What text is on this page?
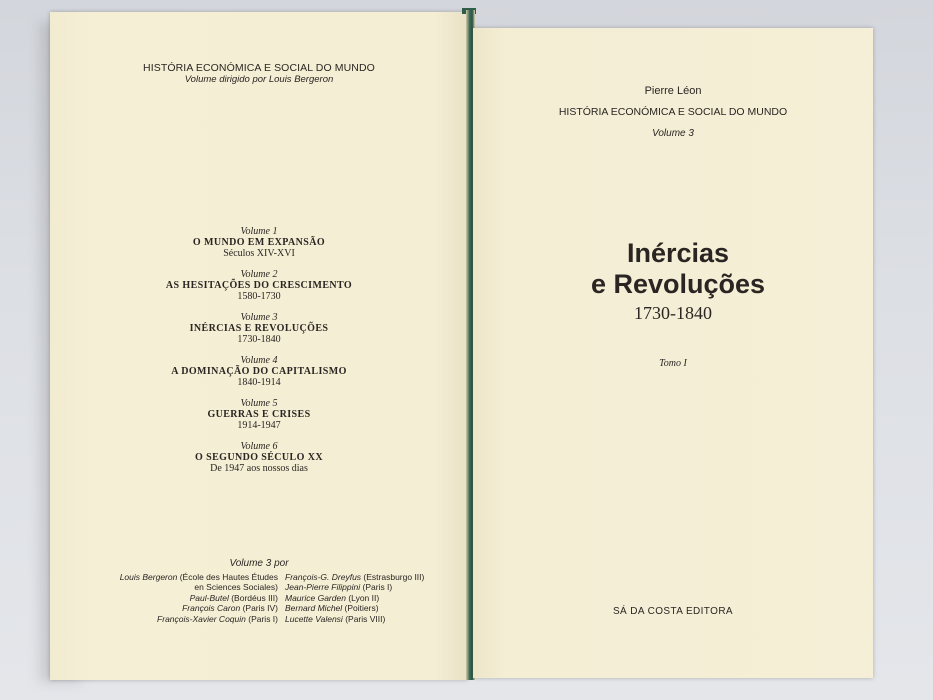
HISTÓRIA ECONÓMICA E SOCIAL DO MUNDO
Volume dirigido por Louis Bergeron
Volume 1
O MUNDO EM EXPANSÃO
Séculos XIV-XVI
Volume 2
AS HESITAÇÕES DO CRESCIMENTO
1580-1730
Volume 3
INÉRCIAS E REVOLUÇÕES
1730-1840
Volume 4
A DOMINAÇÃO DO CAPITALISMO
1840-1914
Volume 5
GUERRAS E CRISES
1914-1947
Volume 6
O SEGUNDO SÉCULO XX
De 1947 aos nossos dias
Volume 3 por
Louis Bergeron (École des Hautes Études
en Sciences Sociales)
Paul-Butel (Bordéus III)
François Caron (Paris IV)
François-Xavier Coquin (Paris I)
François-G. Dreyfus (Estrasburgo III)
Jean-Pierre Filippini (Paris I)
Maurice Garden (Lyon II)
Bernard Michel (Poitiers)
Lucette Valensi (Paris VIII)
Pierre Léon
HISTÓRIA ECONÓMICA E SOCIAL DO MUNDO
Volume 3
Inércias
e Revoluções
1730-1840
Tomo I
SÁ DA COSTA EDITORA
